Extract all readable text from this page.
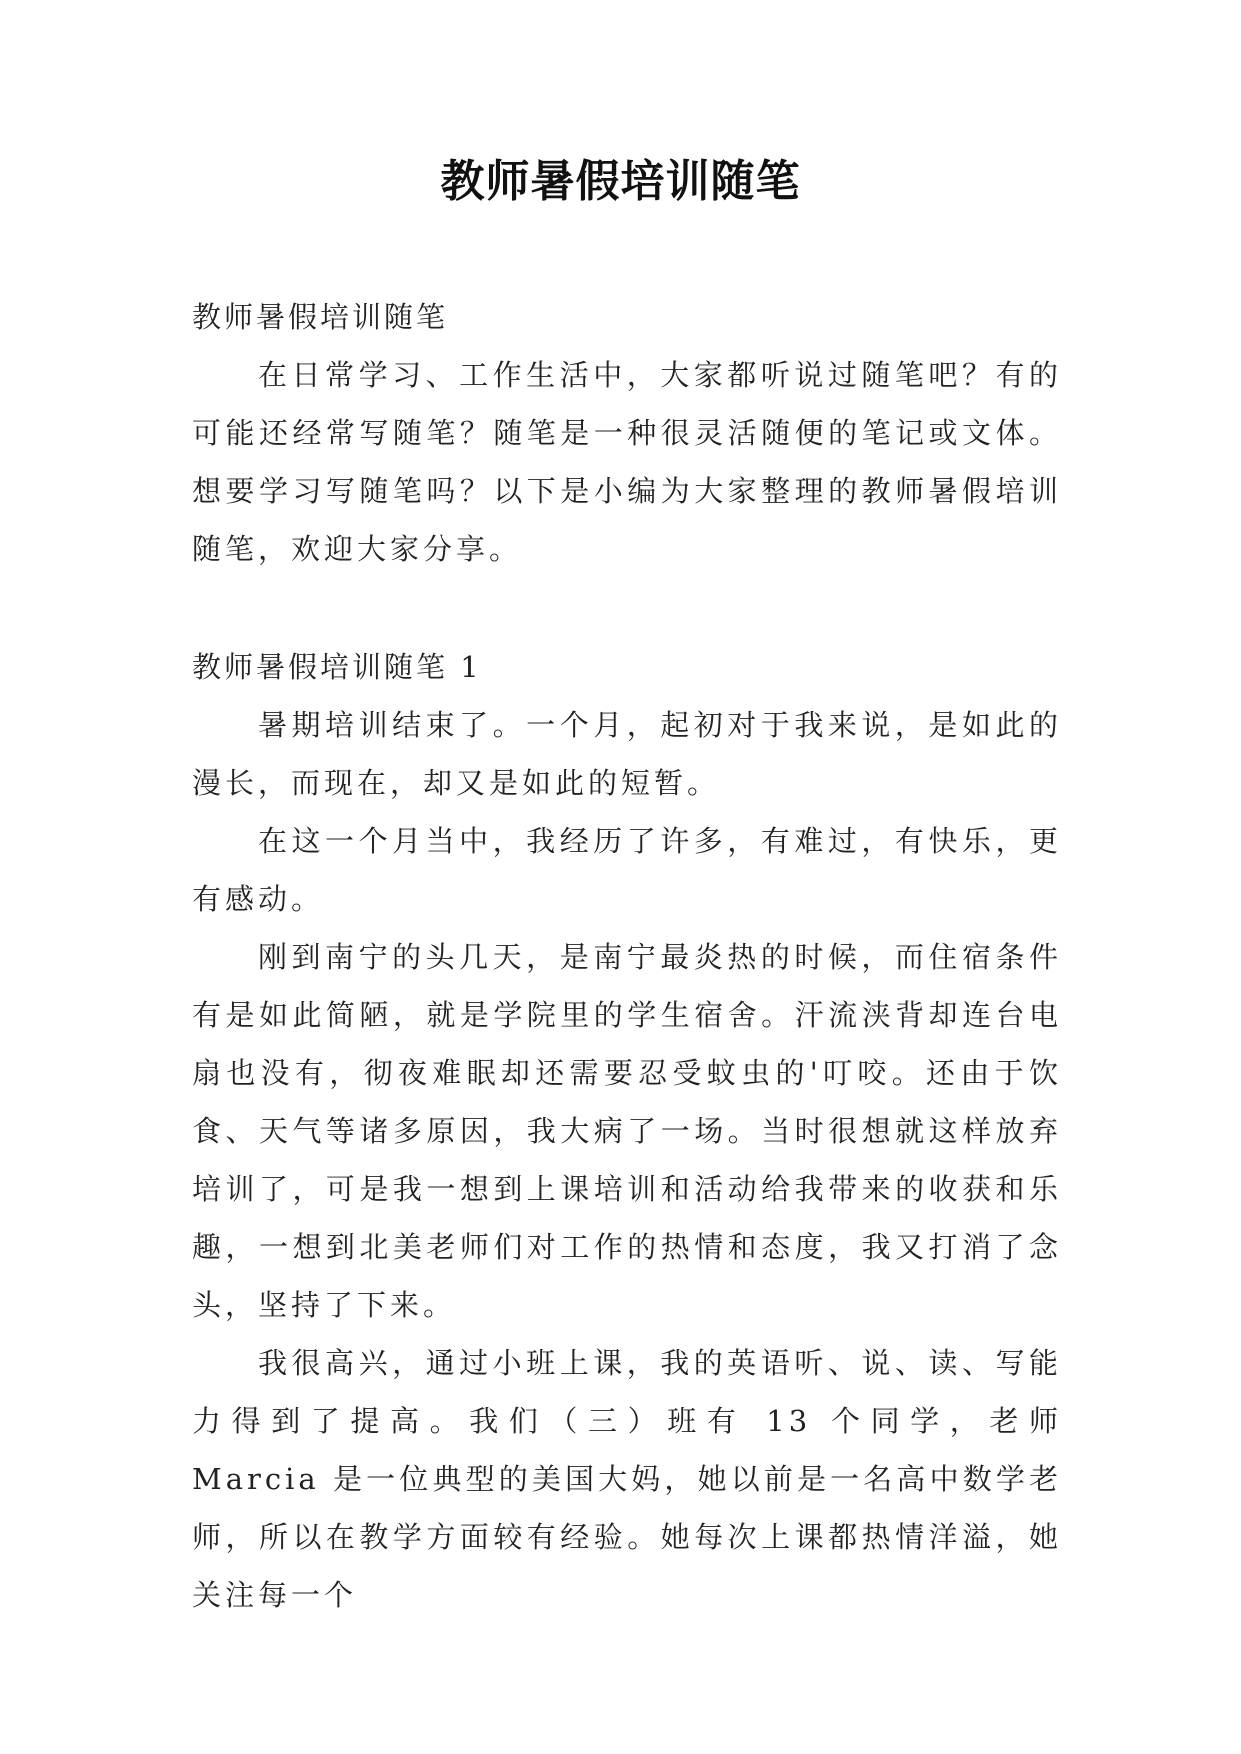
教师暑假培训随笔

教师暑假培训随笔

在日常学习、工作生活中，大家都听说过随笔吧？有的可能还经常写随笔？随笔是一种很灵活随便的笔记或文体。想要学习写随笔吗？以下是小编为大家整理的教师暑假培训随笔，欢迎大家分享。

教师暑假培训随笔 1

暑期培训结束了。一个月，起初对于我来说，是如此的漫长，而现在，却又是如此的短暂。

在这一个月当中，我经历了许多，有难过，有快乐，更有感动。

刚到南宁的头几天，是南宁最炎热的时候，而住宿条件有是如此简陋，就是学院里的学生宿舍。汗流浃背却连台电扇也没有，彻夜难眠却还需要忍受蚊虫的'叮咬。还由于饮食、天气等诸多原因，我大病了一场。当时很想就这样放弃培训了，可是我一想到上课培训和活动给我带来的收获和乐趣，一想到北美老师们对工作的热情和态度，我又打消了念头，坚持了下来。

我很高兴，通过小班上课，我的英语听、说、读、写能力得到了提高。我们（三）班有 13 个同学，老师 Marcia 是一位典型的美国大妈，她以前是一名高中数学老师，所以在教学方面较有经验。她每次上课都热情洋溢，她关注每一个
